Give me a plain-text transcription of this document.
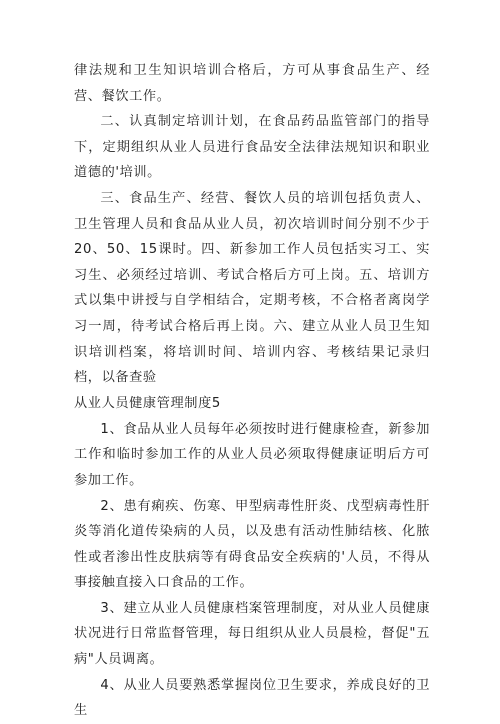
律法规和卫生知识培训合格后，方可从事食品生产、经营、餐饮工作。

二、认真制定培训计划，在食品药品监管部门的指导下，定期组织从业人员进行食品安全法律法规知识和职业道德的'培训。

三、食品生产、经营、餐饮人员的培训包括负责人、卫生管理人员和食品从业人员，初次培训时间分别不少于20、50、15课时。四、新参加工作人员包括实习工、实习生、必须经过培训、考试合格后方可上岗。五、培训方式以集中讲授与自学相结合，定期考核，不合格者离岗学习一周，待考试合格后再上岗。六、建立从业人员卫生知识培训档案，将培训时间、培训内容、考核结果记录归档，以备查验

从业人员健康管理制度5

1、食品从业人员每年必须按时进行健康检查，新参加工作和临时参加工作的从业人员必须取得健康证明后方可参加工作。

2、患有痢疾、伤寒、甲型病毒性肝炎、戊型病毒性肝炎等消化道传染病的人员，以及患有活动性肺结核、化脓性或者渗出性皮肤病等有碍食品安全疾病的'人员，不得从事接触直接入口食品的工作。

3、建立从业人员健康档案管理制度，对从业人员健康状况进行日常监督管理，每日组织从业人员晨检，督促"五病"人员调离。

4、从业人员要熟悉掌握岗位卫生要求，养成良好的卫生
